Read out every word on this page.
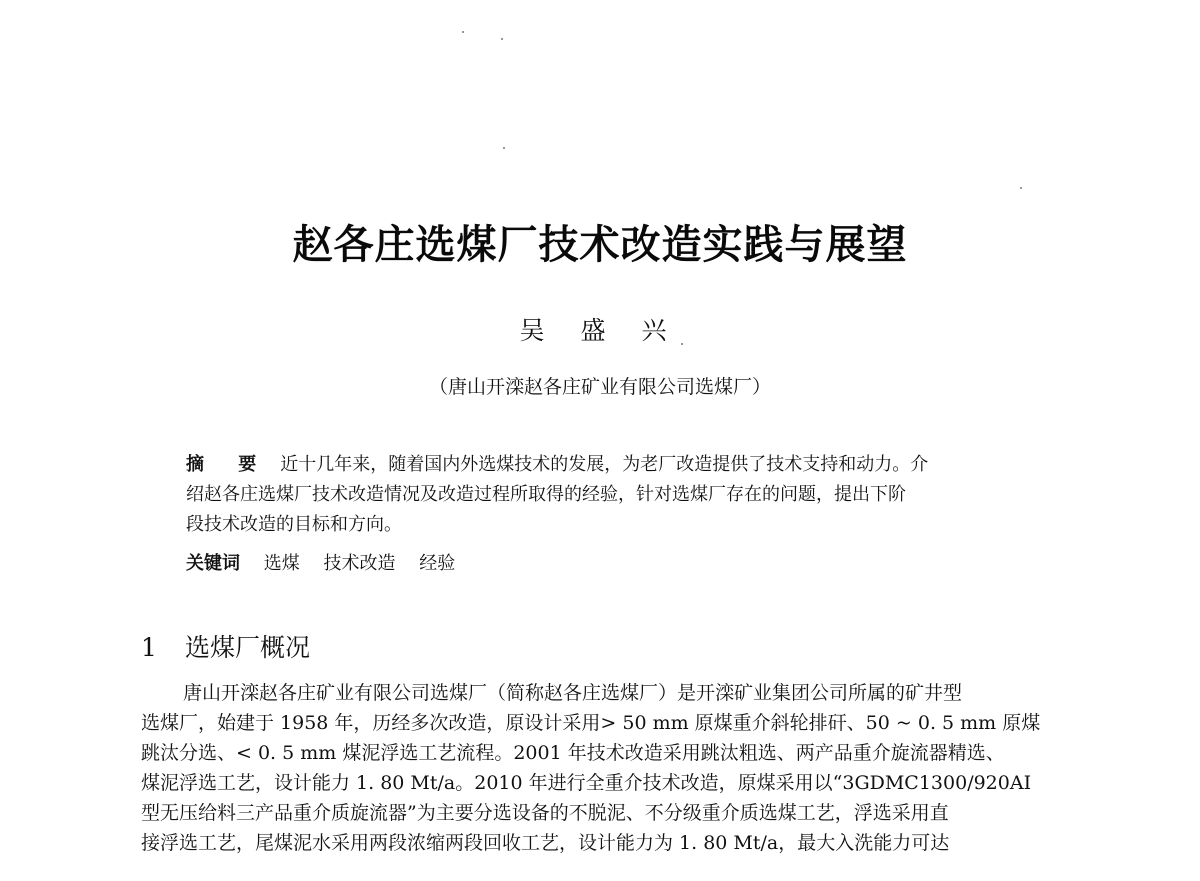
赵各庄选煤厂技术改造实践与展望
吴 盛 兴
（唐山开滦赵各庄矿业有限公司选煤厂）
摘 要 近十几年来，随着国内外选煤技术的发展，为老厂改造提供了技术支持和动力。介
绍赵各庄选煤厂技术改造情况及改造过程所取得的经验，针对选煤厂存在的问题，提出下阶
段技术改造的目标和方向。
关键词 选煤 技术改造 经验
1 选煤厂概况
唐山开滦赵各庄矿业有限公司选煤厂（简称赵各庄选煤厂）是开滦矿业集团公司所属的矿井型
选煤厂，始建于 1958 年，历经多次改造，原设计采用> 50 mm 原煤重介斜轮排矸、50 ~ 0. 5 mm 原煤
跳汰分选、< 0. 5 mm 煤泥浮选工艺流程。2001 年技术改造采用跳汰粗选、两产品重介旋流器精选、
煤泥浮选工艺，设计能力 1. 80 Mt/a。2010 年进行全重介技术改造，原煤采用以“3GDMC1300/920AI
型无压给料三产品重介质旋流器”为主要分选设备的不脱泥、不分级重介质选煤工艺，浮选采用直
接浮选工艺，尾煤泥水采用两段浓缩两段回收工艺，设计能力为 1. 80 Mt/a，最大入洗能力可达
